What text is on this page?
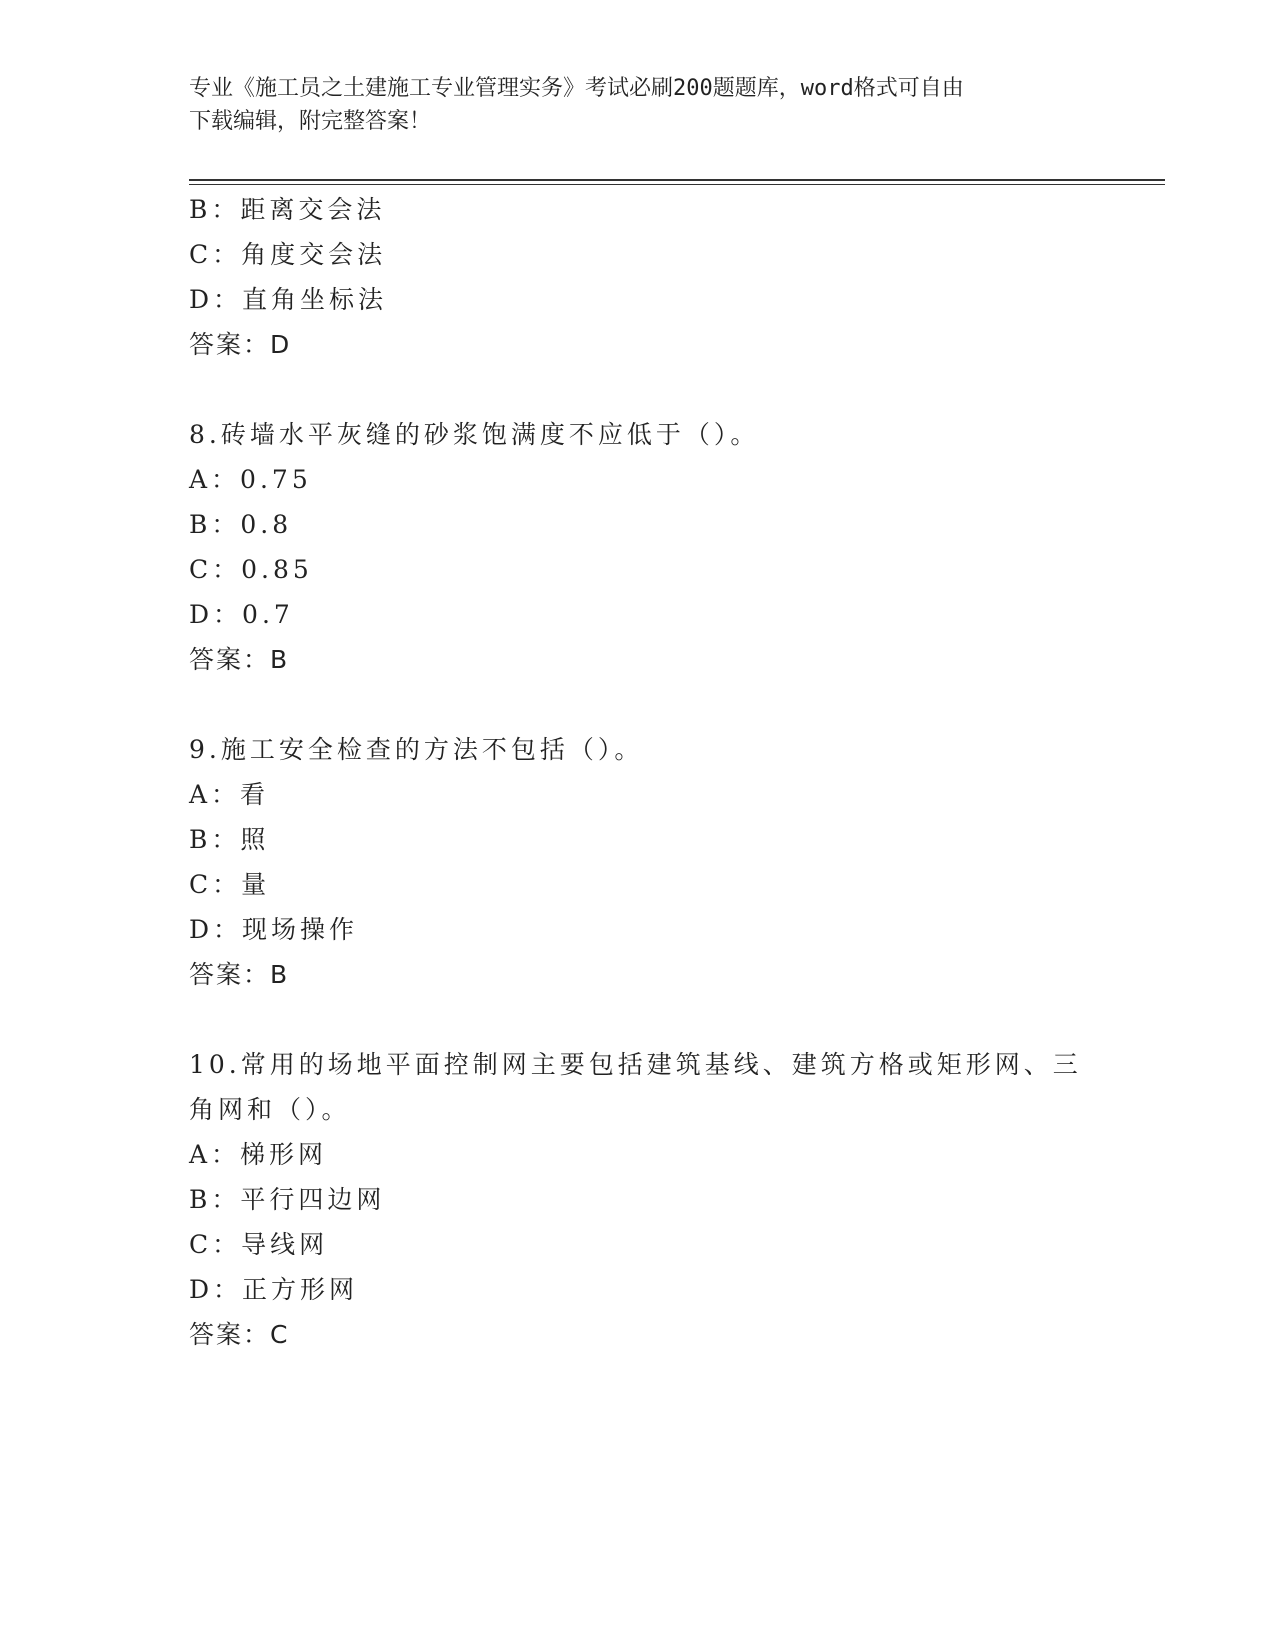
专业《施工员之土建施工专业管理实务》考试必刷200题题库，word格式可自由
下载编辑，附完整答案！
B：距离交会法
C：角度交会法
D：直角坐标法
答案：D
8.砖墙水平灰缝的砂浆饱满度不应低于（）。
A：0.75
B：0.8
C：0.85
D：0.7
答案：B
9.施工安全检查的方法不包括（）。
A：看
B：照
C：量
D：现场操作
答案：B
10.常用的场地平面控制网主要包括建筑基线、建筑方格或矩形网、三
角网和（）。
A：梯形网
B：平行四边网
C：导线网
D：正方形网
答案：C
